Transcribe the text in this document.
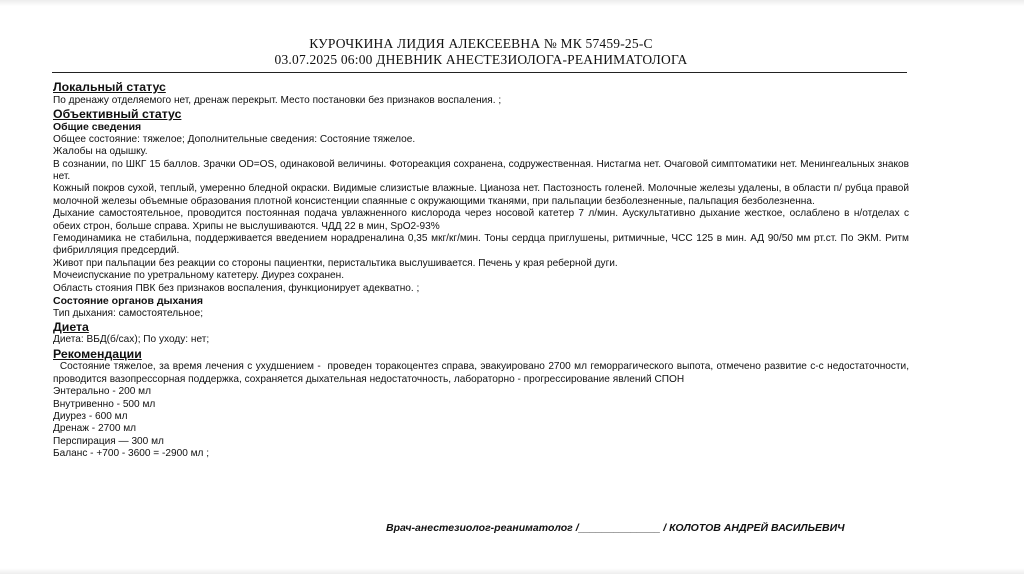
КУРОЧКИНА ЛИДИЯ АЛЕКСЕЕВНА № МК 57459-25-С
03.07.2025 06:00 ДНЕВНИК АНЕСТЕЗИОЛОГА-РЕАНИМАТОЛОГА
Локальный статус

По дренажу отделяемого нет, дренаж перекрыт. Место постановки без признаков воспаления. ;

Объективный статус
Общие сведения

Общее состояние: тяжелое; Дополнительные сведения: Состояние тяжелое.

Жалобы на одышку.

В сознании, по ШКГ 15 баллов. Зрачки OD=OS, одинаковой величины. Фотореакция сохранена, содружественная. Нистагма нет. Очаговой симптоматики нет. Менингеальных знаков нет.

Кожный покров сухой, теплый, умеренно бледной окраски. Видимые слизистые влажные. Цианоза нет. Пастозность голеней. Молочные железы удалены, в области п/ рубца правой молочной железы объемные образования плотной консистенции спаянные с окружающими тканями, при пальпации безболезненные, пальпация безболезненна.

Дыхание самостоятельное, проводится постоянная подача увлажненного кислорода через носовой катетер 7 л/мин. Аускультативно дыхание жесткое, ослаблено в н/отделах с обеих строн, больше справа. Хрипы не выслушиваются. ЧДД 22 в мин, SpO2-93%

Гемодинамика не стабильна, поддерживается введением норадреналина 0,35 мкг/кг/мин. Тоны сердца приглушены, ритмичные, ЧСС 125 в мин. АД 90/50 мм рт.ст. По ЭКМ. Ритм фибрилляция предсердий.

Живот при пальпации без реакции со стороны пациентки, перистальтика выслушивается. Печень у края реберной дуги.

Мочеиспускание по уретральному катетеру. Диурез сохранен.

Область стояния ПВК без признаков воспаления, функционирует адекватно. ;

Состояние органов дыхания

Тип дыхания: самостоятельное;

Диета

Диета: ВБД(б/сах); По уходу: нет;

Рекомендации

Состояние тяжелое, за время лечения с ухудшением -  проведен торакоцентез справа, эвакуировано 2700 мл геморрагического выпота, отмечено развитие с-с недостаточности, проводится вазопрессорная поддержка, сохраняется дыхательная недостаточность, лабораторно - прогрессирование явлений СПОН

Энтерально - 200 мл

Внутривенно - 500 мл

Диурез - 600 мл

Дренаж - 2700 мл

Перспирация — 300 мл

Баланс - +700 - 3600 = -2900 мл ;

Врач-анестезиолог-реаниматолог /______________ / КОЛОТОВ АНДРЕЙ ВАСИЛЬЕВИЧ
